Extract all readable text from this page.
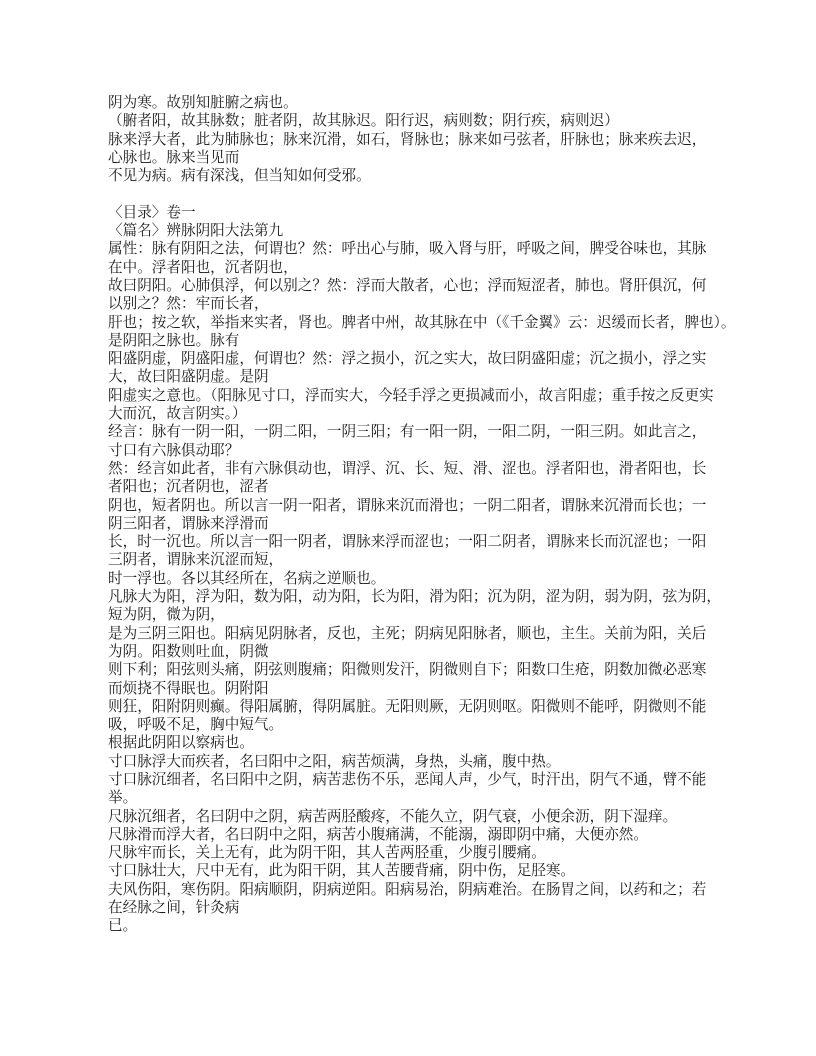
阴为寒。故别知脏腑之病也。
（腑者阳，故其脉数；脏者阴，故其脉迟。阳行迟，病则数；阴行疾，病则迟）
脉来浮大者，此为肺脉也；脉来沉滑，如石，肾脉也；脉来如弓弦者，肝脉也；脉来疾去迟，
心脉也。脉来当见而
不见为病。病有深浅，但当知如何受邪。
〈目录〉卷一
〈篇名〉辨脉阴阳大法第九
属性：脉有阴阳之法，何谓也？然：呼出心与肺，吸入肾与肝，呼吸之间，脾受谷味也，其脉
在中。浮者阳也，沉者阴也，
故曰阴阳。心肺俱浮，何以别之？然：浮而大散者，心也；浮而短涩者，肺也。肾肝俱沉，何
以别之？然：牢而长者，
肝也；按之软，举指来实者，肾也。脾者中州，故其脉在中（《千金翼》云：迟缓而长者，脾也）。
是阴阳之脉也。脉有
阳盛阴虚，阴盛阳虚，何谓也？然：浮之损小，沉之实大，故曰阴盛阳虚；沉之损小，浮之实
大，故曰阳盛阴虚。是阴
阳虚实之意也。（阳脉见寸口，浮而实大，今轻手浮之更损减而小，故言阳虚；重手按之反更实
大而沉，故言阴实。）
经言：脉有一阴一阳，一阴二阳，一阴三阳；有一阳一阴，一阳二阴，一阳三阴。如此言之，
寸口有六脉俱动耶？
然：经言如此者，非有六脉俱动也，谓浮、沉、长、短、滑、涩也。浮者阳也，滑者阳也，长
者阳也；沉者阴也，涩者
阴也，短者阴也。所以言一阴一阳者，谓脉来沉而滑也；一阴二阳者，谓脉来沉滑而长也；一
阴三阳者，谓脉来浮滑而
长，时一沉也。所以言一阳一阴者，谓脉来浮而涩也；一阳二阴者，谓脉来长而沉涩也；一阳
三阴者，谓脉来沉涩而短，
时一浮也。各以其经所在，名病之逆顺也。
凡脉大为阳，浮为阳，数为阳，动为阳，长为阳，滑为阳；沉为阴，涩为阴，弱为阴，弦为阴，
短为阴，微为阴，
是为三阴三阳也。阳病见阴脉者，反也，主死；阴病见阳脉者，顺也，主生。关前为阳，关后
为阴。阳数则吐血，阴微
则下利；阳弦则头痛，阴弦则腹痛；阳微则发汗，阴微则自下；阳数口生疮，阴数加微必恶寒
而烦挠不得眠也。阴附阳
则狂，阳附阴则癫。得阳属腑，得阴属脏。无阳则厥，无阴则呕。阳微则不能呼，阴微则不能
吸，呼吸不足，胸中短气。
根据此阴阳以察病也。
寸口脉浮大而疾者，名曰阳中之阳，病苦烦满，身热，头痛，腹中热。
寸口脉沉细者，名曰阳中之阴，病苦悲伤不乐，恶闻人声，少气，时汗出，阴气不通，臂不能
举。
尺脉沉细者，名曰阴中之阴，病苦两胫酸疼，不能久立，阴气衰，小便余沥，阴下湿痒。
尺脉滑而浮大者，名曰阴中之阳，病苦小腹痛满，不能溺，溺即阴中痛，大便亦然。
尺脉牢而长，关上无有，此为阴干阳，其人苦两胫重，少腹引腰痛。
寸口脉壮大，尺中无有，此为阳干阴，其人苦腰背痛，阴中伤，足胫寒。
夫风伤阳，寒伤阴。阳病顺阴，阴病逆阳。阳病易治，阴病难治。在肠胃之间，以药和之；若
在经脉之间，针灸病
已。
